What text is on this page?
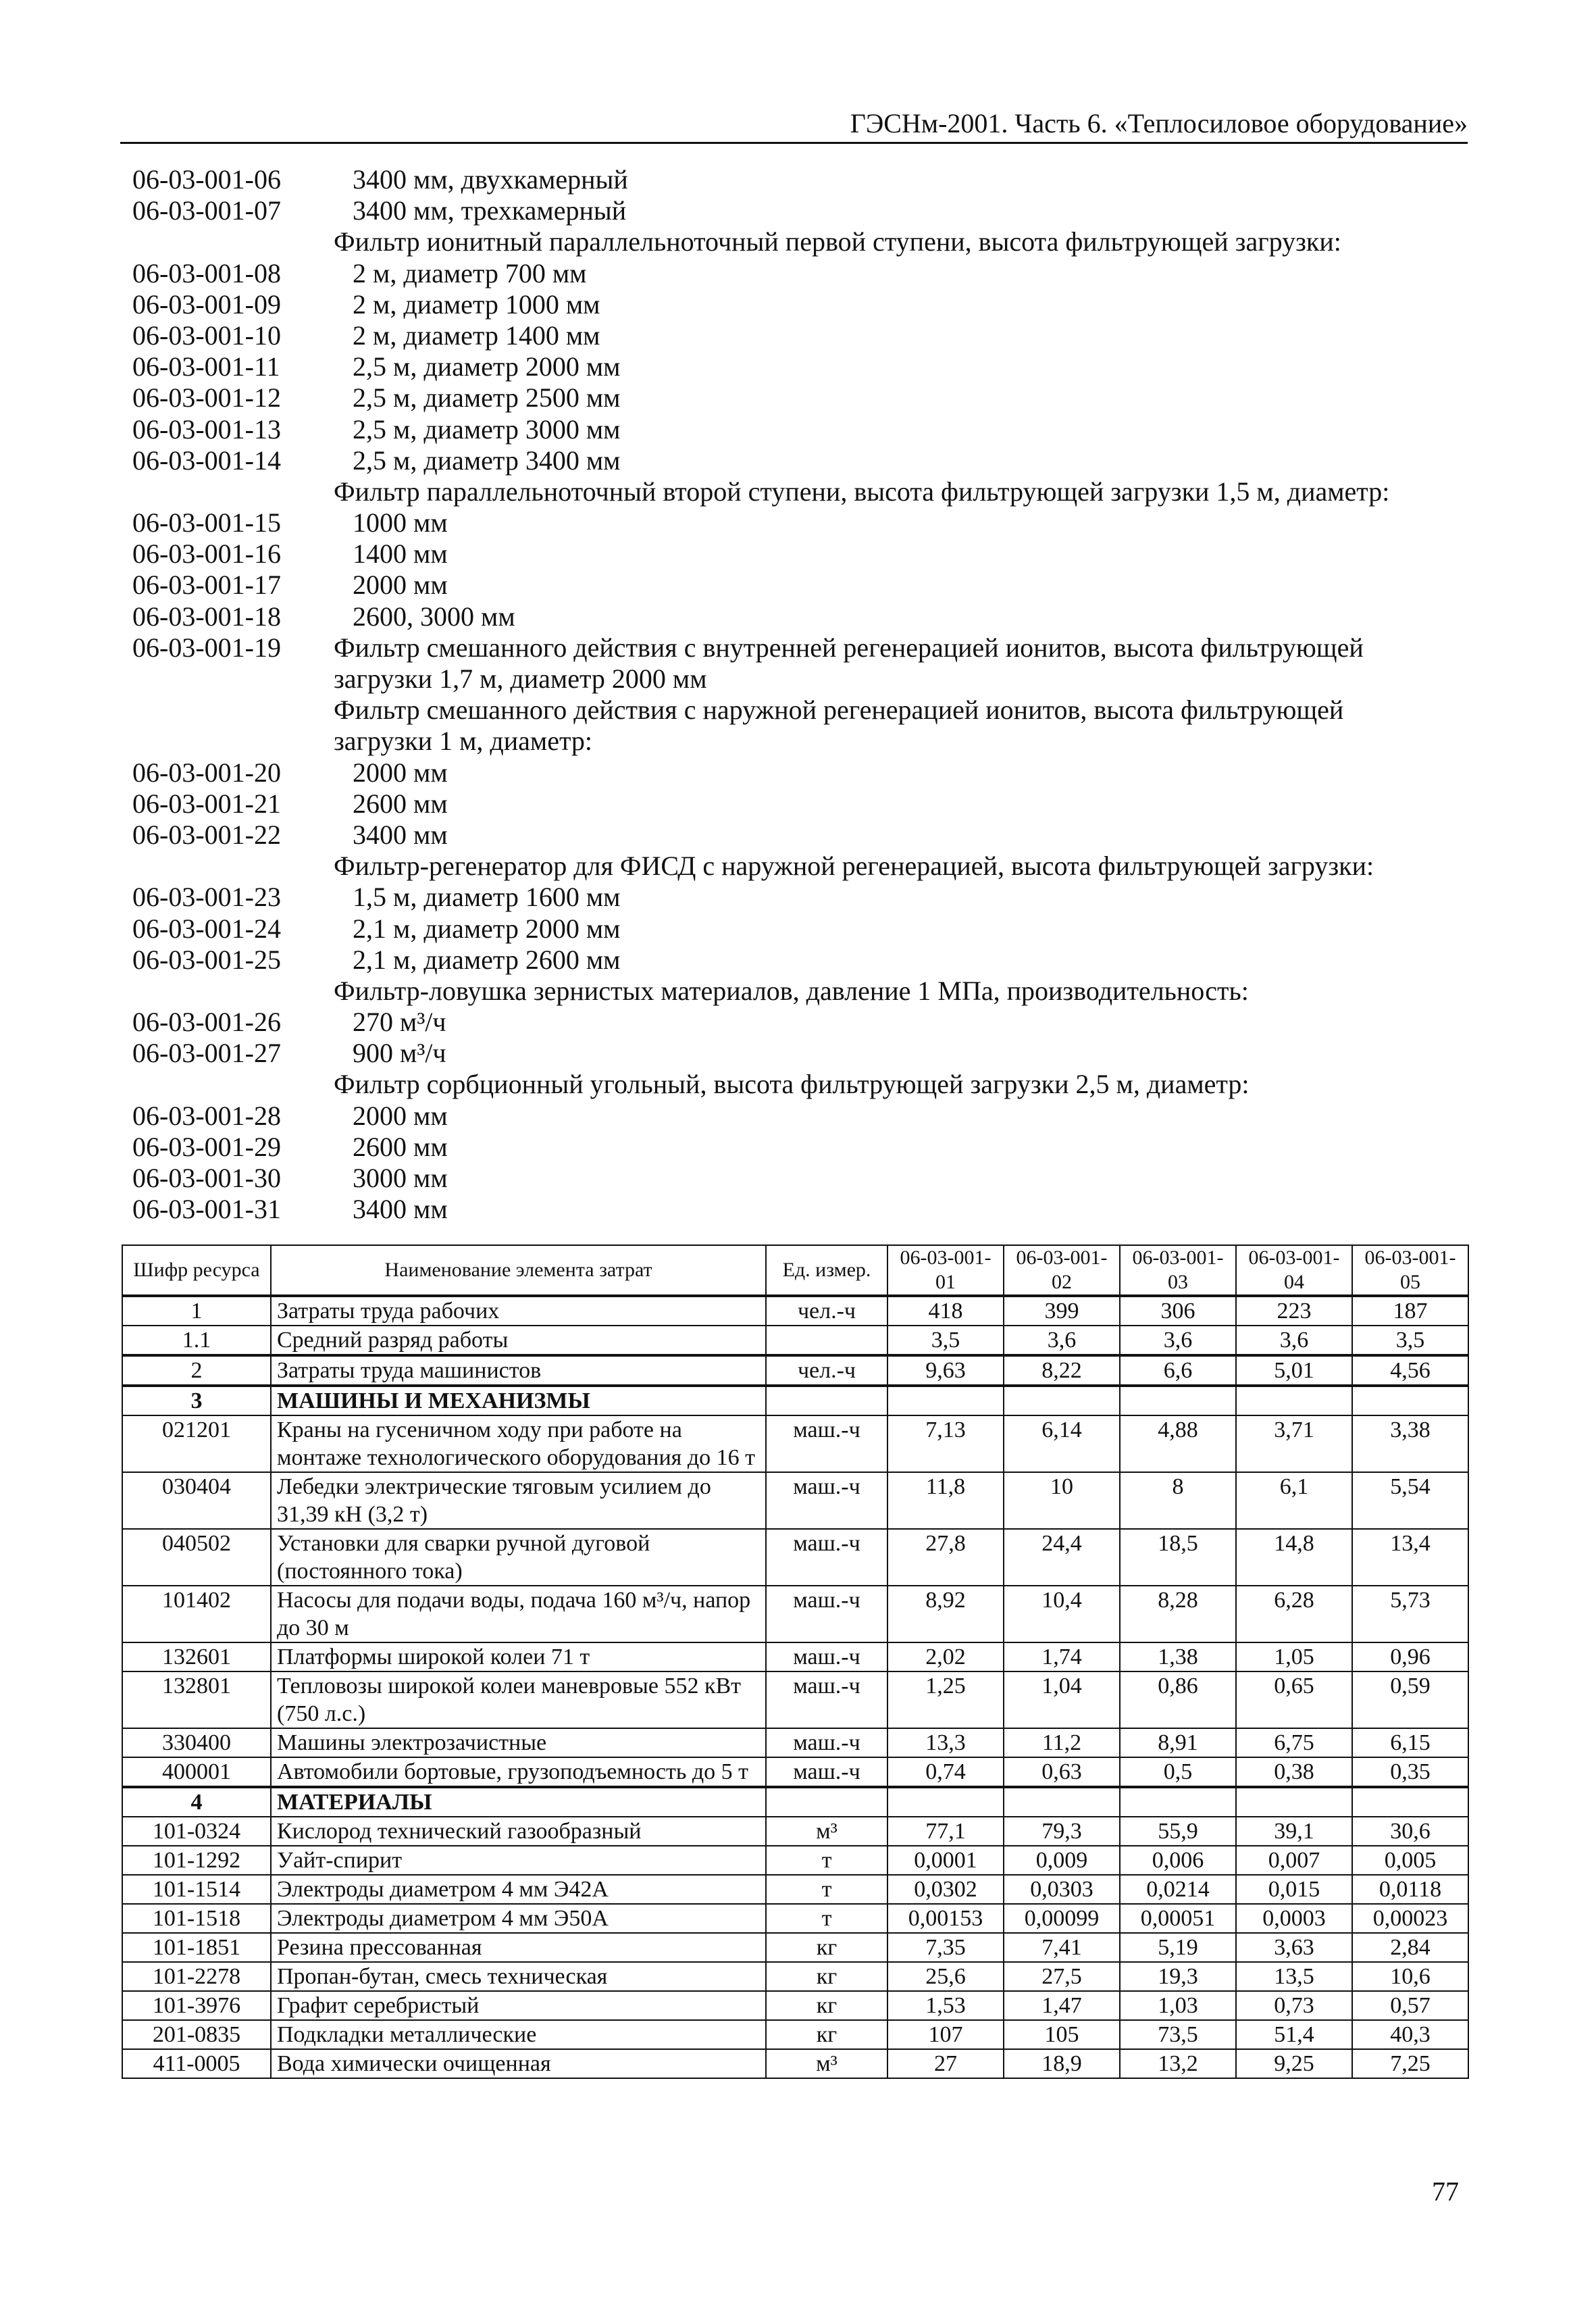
ГЭСНм-2001. Часть 6. «Теплосиловое оборудование»
06-03-001-06	3400 мм, двухкамерный
06-03-001-07	3400 мм, трехкамерный
Фильтр ионитный параллельноточный первой ступени, высота фильтрующей загрузки:
06-03-001-08	2 м, диаметр 700 мм
06-03-001-09	2 м, диаметр 1000 мм
06-03-001-10	2 м, диаметр 1400 мм
06-03-001-11	2,5 м, диаметр 2000 мм
06-03-001-12	2,5 м, диаметр 2500 мм
06-03-001-13	2,5 м, диаметр 3000 мм
06-03-001-14	2,5 м, диаметр 3400 мм
Фильтр параллельноточный второй ступени, высота фильтрующей загрузки 1,5 м, диаметр:
06-03-001-15	1000 мм
06-03-001-16	1400 мм
06-03-001-17	2000 мм
06-03-001-18	2600, 3000 мм
06-03-001-19	Фильтр смешанного действия с внутренней регенерацией ионитов, высота фильтрующей
загрузки 1,7 м, диаметр 2000 мм
Фильтр смешанного действия с наружной регенерацией ионитов, высота фильтрующей
загрузки 1 м, диаметр:
06-03-001-20	2000 мм
06-03-001-21	2600 мм
06-03-001-22	3400 мм
Фильтр-регенератор для ФИСД с наружной регенерацией, высота фильтрующей загрузки:
06-03-001-23	1,5 м, диаметр 1600 мм
06-03-001-24	2,1 м, диаметр 2000 мм
06-03-001-25	2,1 м, диаметр 2600 мм
Фильтр-ловушка зернистых материалов, давление 1 МПа, производительность:
06-03-001-26	270 м³/ч
06-03-001-27	900 м³/ч
Фильтр сорбционный угольный, высота фильтрующей загрузки 2,5 м, диаметр:
06-03-001-28	2000 мм
06-03-001-29	2600 мм
06-03-001-30	3000 мм
06-03-001-31	3400 мм
Шифр ресурса	Наименование элемента затрат	Ед. измер.	06-03-001-01	06-03-001-02	06-03-001-03	06-03-001-04	06-03-001-05
1	Затраты труда рабочих	чел.-ч	418	399	306	223	187
1.1	Средний разряд работы		3,5	3,6	3,6	3,6	3,5
2	Затраты труда машинистов	чел.-ч	9,63	8,22	6,6	5,01	4,56
3	МАШИНЫ И МЕХАНИЗМЫ						
021201	Краны на гусеничном ходу при работе на монтаже технологического оборудования до 16 т	маш.-ч	7,13	6,14	4,88	3,71	3,38
030404	Лебедки электрические тяговым усилием до 31,39 кН (3,2 т)	маш.-ч	11,8	10	8	6,1	5,54
040502	Установки для сварки ручной дуговой (постоянного тока)	маш.-ч	27,8	24,4	18,5	14,8	13,4
101402	Насосы для подачи воды, подача 160 м³/ч, напор до 30 м	маш.-ч	8,92	10,4	8,28	6,28	5,73
132601	Платформы широкой колеи 71 т	маш.-ч	2,02	1,74	1,38	1,05	0,96
132801	Тепловозы широкой колеи маневровые 552 кВт (750 л.с.)	маш.-ч	1,25	1,04	0,86	0,65	0,59
330400	Машины электрозачистные	маш.-ч	13,3	11,2	8,91	6,75	6,15
400001	Автомобили бортовые, грузоподъемность до 5 т	маш.-ч	0,74	0,63	0,5	0,38	0,35
4	МАТЕРИАЛЫ						
101-0324	Кислород технический газообразный	м³	77,1	79,3	55,9	39,1	30,6
101-1292	Уайт-спирит	т	0,0001	0,009	0,006	0,007	0,005
101-1514	Электроды диаметром 4 мм Э42А	т	0,0302	0,0303	0,0214	0,015	0,0118
101-1518	Электроды диаметром 4 мм Э50А	т	0,00153	0,00099	0,00051	0,0003	0,00023
101-1851	Резина прессованная	кг	7,35	7,41	5,19	3,63	2,84
101-2278	Пропан-бутан, смесь техническая	кг	25,6	27,5	19,3	13,5	10,6
101-3976	Графит серебристый	кг	1,53	1,47	1,03	0,73	0,57
201-0835	Подкладки металлические	кг	107	105	73,5	51,4	40,3
411-0005	Вода химически очищенная	м³	27	18,9	13,2	9,25	7,25
77
